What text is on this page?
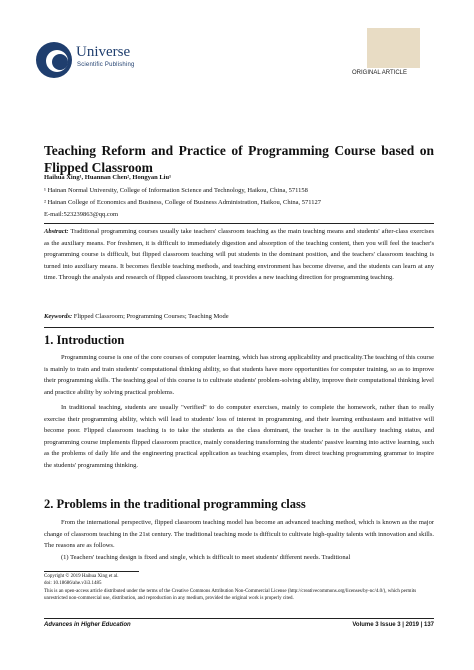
Universe
Scientific Publishing
ORIGINAL ARTICLE
Teaching Reform and Practice of Programming Course based on Flipped Classroom
Haihua Xing¹, Huannan Chen², Hongyan Liu¹
¹ Hainan Normal University, College of Information Science and Technology, Haikou, China, 571158
² Hainan College of Economics and Business, College of Business Administration, Haikou, China, 571127
E-mail:523239863@qq.com
Abstract: Traditional programming courses usually take teachers' classroom teaching as the main teaching means and students' after-class exercises as the auxiliary means. For freshmen, it is difficult to immediately digestion and absorption of the teaching content, then you will feel the teacher's programming course is difficult, but flipped classroom teaching will put students in the dominant position, and the teachers' classroom teaching is turned into auxiliary means. It becomes flexible teaching methods, and teaching environment has become diverse, and the students can learn at any time. Through the analysis and research of flipped classroom teaching, it provides a new teaching direction for programming teaching.
Keywords: Flipped Classroom; Programming Courses; Teaching Mode
1. Introduction
Programming course is one of the core courses of computer learning, which has strong applicability and practicality.The teaching of this course is mainly to train and train students' computational thinking ability, so that students have more opportunities for computer training, so as to improve their programming skills. The teaching goal of this course is to cultivate students' problem-solving ability, improve their computational thinking level and practice ability by solving practical problems.
In traditional teaching, students are usually "verified" to do computer exercises, mainly to complete the homework, rather than to really exercise their programming ability, which will lead to students' loss of interest in programming, and their learning enthusiasm and initiative will become poor. Flipped classroom teaching is to take the students as the class dominant, the teacher is in the auxiliary teaching status, and programming course implements flipped classroom practice, mainly considering transforming the students' passive learning into active learning, such as the problems of daily life and the engineering practical application as teaching examples, from direct teaching programming grammar to inspire the students' programming thinking.
2. Problems in the traditional programming class
From the international perspective, flipped classroom teaching model has become an advanced teaching method, which is known as the major change of classroom teaching in the 21st century. The traditional teaching mode is difficult to cultivate high-quality talents with innovation and skills. The reasons are as follows.
(1) Teachers' teaching design is fixed and single, which is difficult to meet students' different needs. Traditional
Copyright © 2019 Haihua Xing et al.
doi: 10.18686/ahe.v3i3.1485
This is an open-access article distributed under the terms of the Creative Commons Attribution Non-Commercial License (http://creativecommons.org/licenses/by-nc/4.0/), which permits unrestricted non-commercial use, distribution, and reproduction in any medium, provided the original work is properly cited.
Advances in Higher Education	Volume 3 Issue 3 | 2019 | 137
